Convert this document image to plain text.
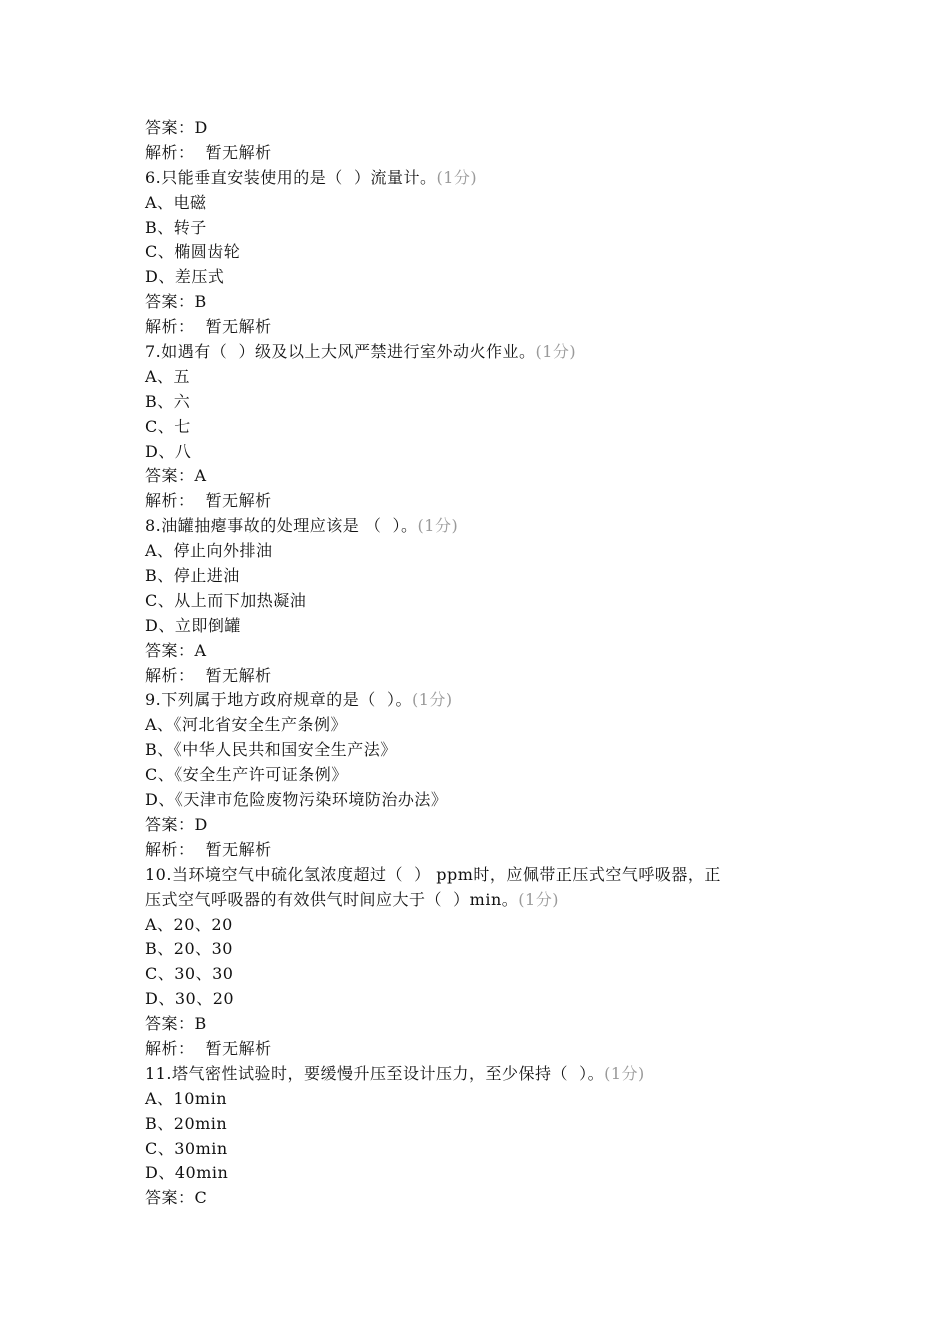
答案：D
解析：  暂无解析
6.只能垂直安装使用的是（  ）流量计。(1分)
A、电磁
B、转子
C、椭圆齿轮
D、差压式
答案：B
解析：  暂无解析
7.如遇有（  ）级及以上大风严禁进行室外动火作业。(1分)
A、五
B、六
C、七
D、八
答案：A
解析：  暂无解析
8.油罐抽瘪事故的处理应该是 （  ）。(1分)
A、停止向外排油
B、停止进油
C、从上而下加热凝油
D、立即倒罐
答案：A
解析：  暂无解析
9.下列属于地方政府规章的是（  ）。(1分)
A、《河北省安全生产条例》
B、《中华人民共和国安全生产法》
C、《安全生产许可证条例》
D、《天津市危险废物污染环境防治办法》
答案：D
解析：  暂无解析
10.当环境空气中硫化氢浓度超过（  ） ppm时，应佩带正压式空气呼吸器，正
压式空气呼吸器的有效供气时间应大于（  ）min。(1分)
A、20、20
B、20、30
C、30、30
D、30、20
答案：B
解析：  暂无解析
11.塔气密性试验时，要缓慢升压至设计压力，至少保持（  ）。(1分)
A、10min
B、20min
C、30min
D、40min
答案：C
